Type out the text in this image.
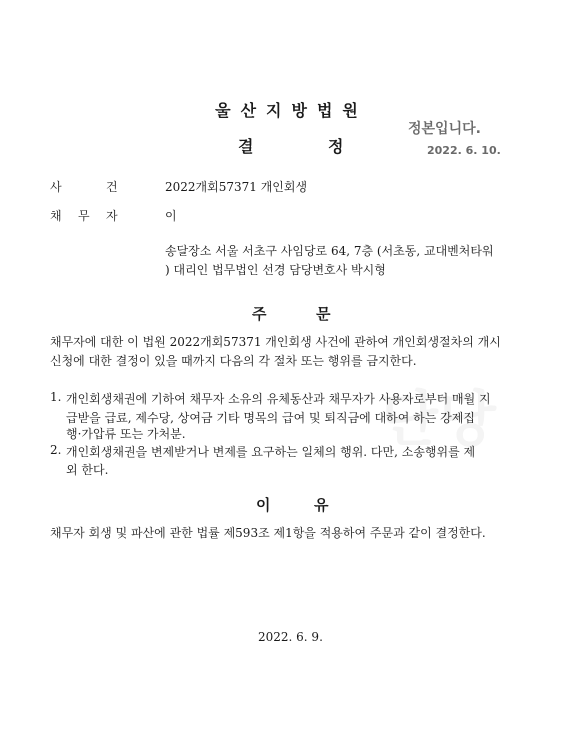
단당
울산지방법원
결	정
정본입니다.
2022. 6. 10.
사	건	2022개회57371 개인회생
채 무 자	이
송달장소 서울 서초구 사임당로 64, 7층 (서초동, 교대벤처타워
) 대리인 법무법인 선경 담당변호사 박시형
주	문
채무자에 대한 이 법원 2022개회57371 개인회생 사건에 관하여 개인회생절차의 개시
신청에 대한 결정이 있을 때까지 다음의 각 절차 또는 행위를 금지한다.
1. 개인회생채권에 기하여 채무자 소유의 유체동산과 채무자가 사용자로부터 매월 지
급받을 급료, 제수당, 상여금 기타 명목의 급여 및 퇴직금에 대하여 하는 강제집
행·가압류 또는 가처분.
2. 개인회생채권을 변제받거나 변제를 요구하는 일체의 행위. 다만, 소송행위를 제
외 한다.
이	유
채무자 회생 및 파산에 관한 법률 제593조 제1항을 적용하여 주문과 같이 결정한다.
2022. 6. 9.
